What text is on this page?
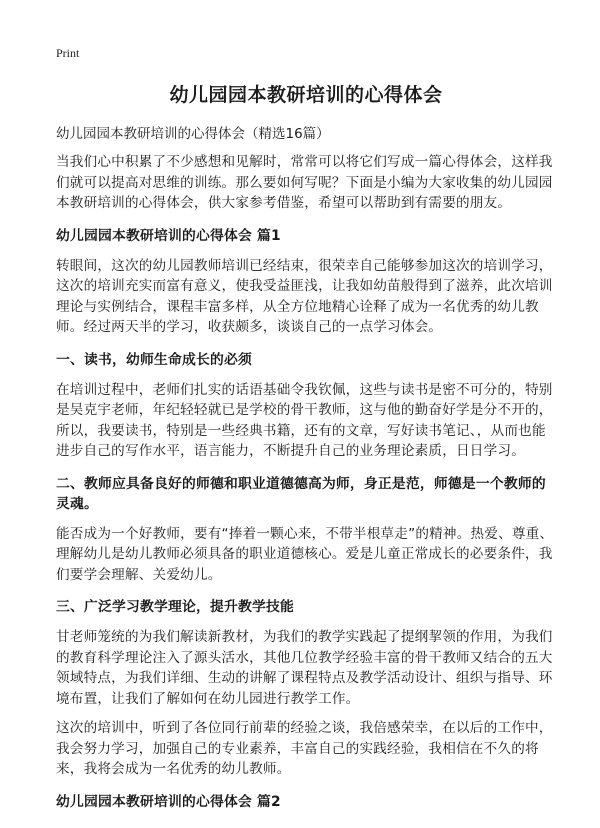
Print
幼儿园园本教研培训的心得体会

幼儿园园本教研培训的心得体会（精选16篇）

当我们心中积累了不少感想和见解时，常常可以将它们写成一篇心得体会，这样我们就可以提高对思维的训练。那么要如何写呢？下面是小编为大家收集的幼儿园园本教研培训的心得体会，供大家参考借鉴，希望可以帮助到有需要的朋友。

幼儿园园本教研培训的心得体会 篇1

转眼间，这次的幼儿园教师培训已经结束，很荣幸自己能够参加这次的培训学习，这次的培训充实而富有意义，使我受益匪浅，让我如幼苗般得到了滋养，此次培训理论与实例结合，课程丰富多样，从全方位地精心诠释了成为一名优秀的幼儿教师。经过两天半的学习，收获颇多，谈谈自己的一点学习体会。

一、读书，幼师生命成长的必须

在培训过程中，老师们扎实的话语基础令我钦佩，这些与读书是密不可分的，特别是吴克宇老师，年纪轻轻就已是学校的骨干教师，这与他的勤奋好学是分不开的，所以，我要读书，特别是一些经典书籍，还有的文章，写好读书笔记、，从而也能进步自己的写作水平，语言能力，不断提升自己的业务理论素质，日日学习。

二、教师应具备良好的师德和职业道德德高为师，身正是范，师德是一个教师的灵魂。

能否成为一个好教师，要有“捧着一颗心来，不带半根草走”的精神。热爱、尊重、理解幼儿是幼儿教师必须具备的职业道德核心。爱是儿童正常成长的必要条件，我们要学会理解、关爱幼儿。

三、广泛学习教学理论，提升教学技能

甘老师笼统的为我们解读新教材，为我们的教学实践起了提纲挈领的作用，为我们的教育科学理论注入了源头活水，其他几位教学经验丰富的骨干教师又结合的五大领域特点，为我们详细、生动的讲解了课程特点及教学活动设计、组织与指导、环境布置，让我们了解如何在幼儿园进行教学工作。

这次的培训中，听到了各位同行前辈的经验之谈，我倍感荣幸，在以后的工作中，我会努力学习，加强自己的专业素养，丰富自己的实践经验，我相信在不久的将来，我将会成为一名优秀的幼儿教师。

幼儿园园本教研培训的心得体会 篇2
